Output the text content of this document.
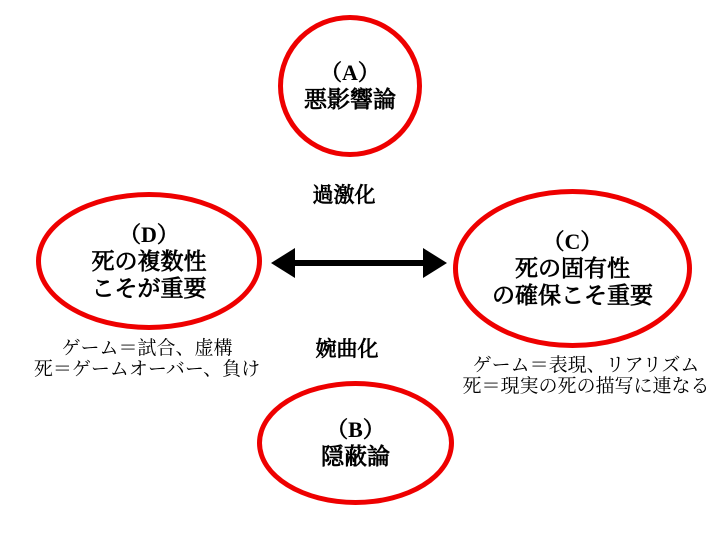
（A）
悪影響論
過激化
（D）
死の複数性
こそが重要
（C）
死の固有性
の確保こそ重要
婉曲化
ゲーム＝試合、虚構
死＝ゲームオーバー、負け	ゲーム＝表現、リアリズム
死＝現実の死の描写に連なる
（B）
隠蔽論
